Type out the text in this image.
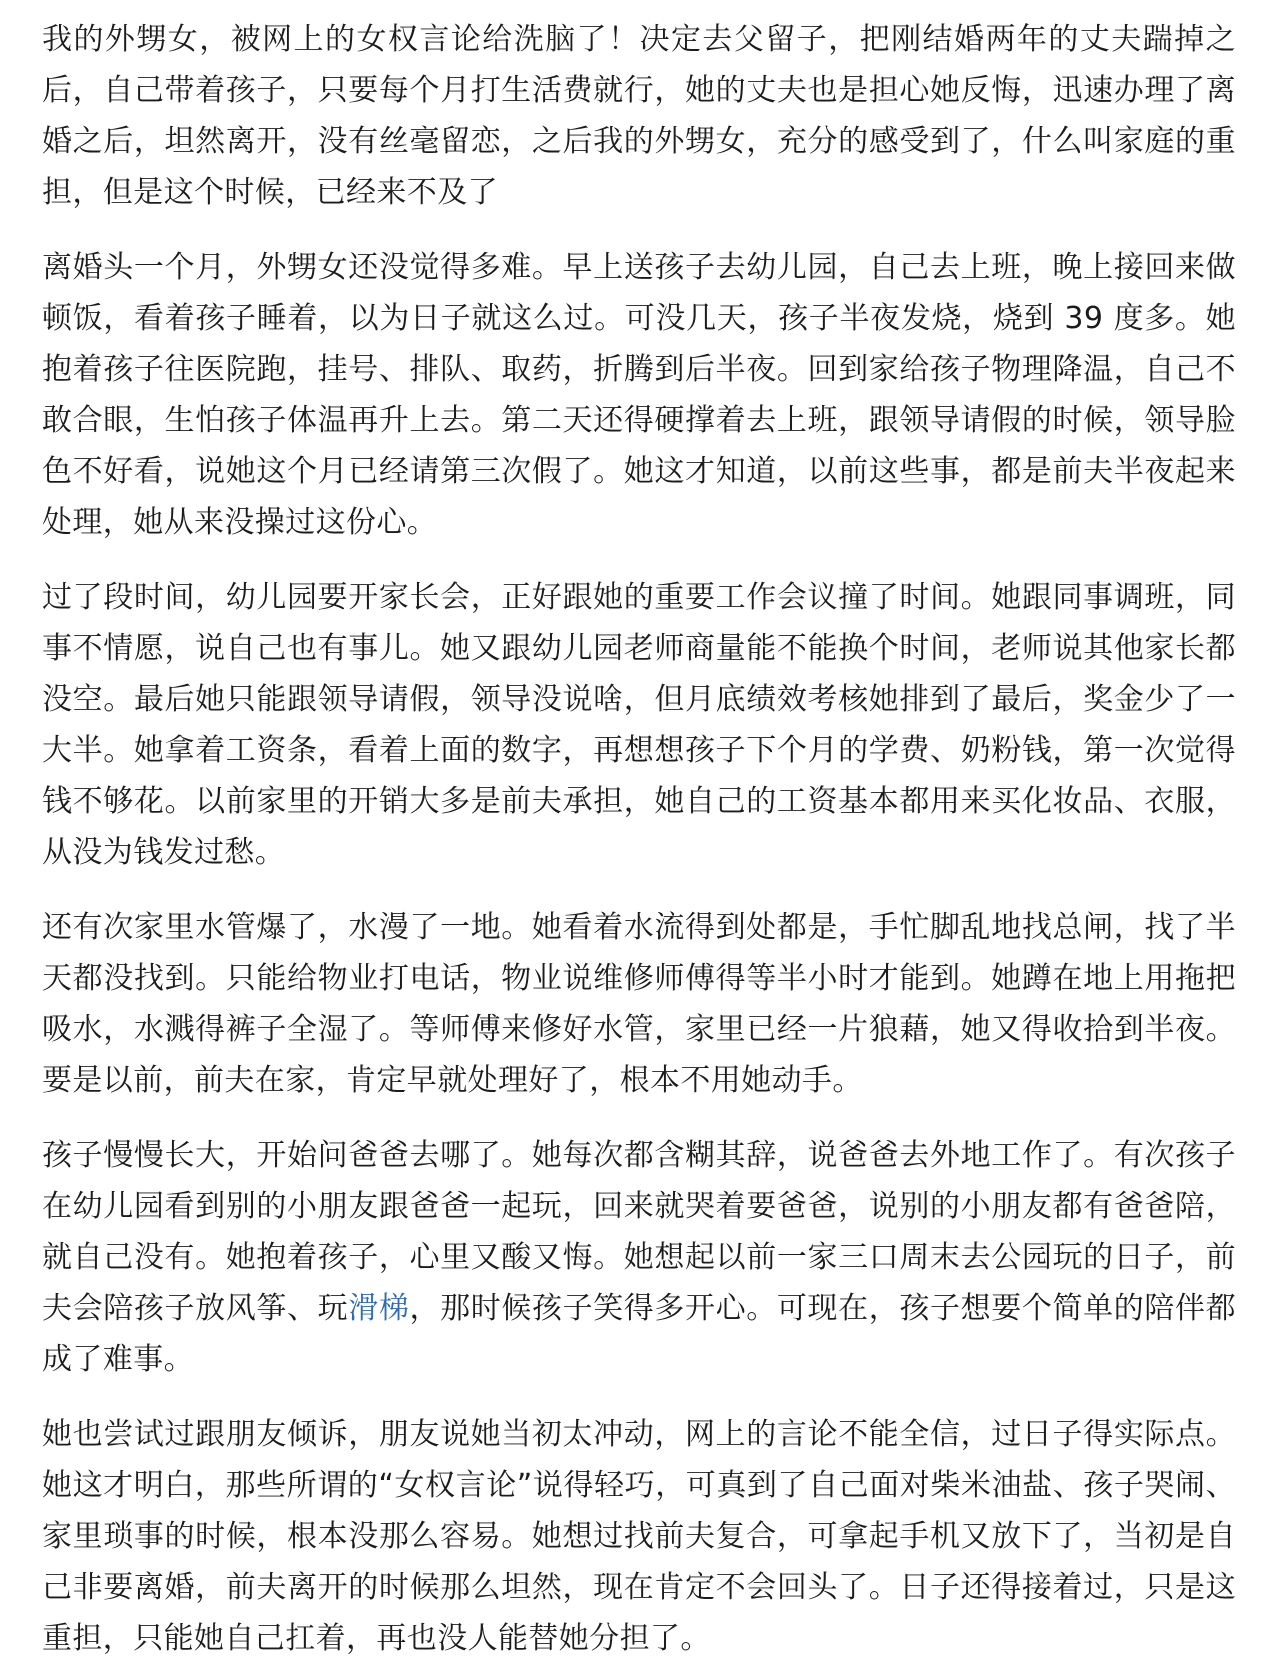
我的外甥女，被网上的女权言论给洗脑了！决定去父留子，把刚结婚两年的丈夫踹掉之后，自己带着孩子，只要每个月打生活费就行，她的丈夫也是担心她反悔，迅速办理了离婚之后，坦然离开，没有丝毫留恋，之后我的外甥女，充分的感受到了，什么叫家庭的重担，但是这个时候，已经来不及了

离婚头一个月，外甥女还没觉得多难。早上送孩子去幼儿园，自己去上班，晚上接回来做顿饭，看着孩子睡着，以为日子就这么过。可没几天，孩子半夜发烧，烧到 39 度多。她抱着孩子往医院跑，挂号、排队、取药，折腾到后半夜。回到家给孩子物理降温，自己不敢合眼，生怕孩子体温再升上去。第二天还得硬撑着去上班，跟领导请假的时候，领导脸色不好看，说她这个月已经请第三次假了。她这才知道，以前这些事，都是前夫半夜起来处理，她从来没操过这份心。

过了段时间，幼儿园要开家长会，正好跟她的重要工作会议撞了时间。她跟同事调班，同事不情愿，说自己也有事儿。她又跟幼儿园老师商量能不能换个时间，老师说其他家长都没空。最后她只能跟领导请假，领导没说啥，但月底绩效考核她排到了最后，奖金少了一大半。她拿着工资条，看着上面的数字，再想想孩子下个月的学费、奶粉钱，第一次觉得钱不够花。以前家里的开销大多是前夫承担，她自己的工资基本都用来买化妆品、衣服，从没为钱发过愁。

还有次家里水管爆了，水漫了一地。她看着水流得到处都是，手忙脚乱地找总闸，找了半天都没找到。只能给物业打电话，物业说维修师傅得等半小时才能到。她蹲在地上用拖把吸水，水溅得裤子全湿了。等师傅来修好水管，家里已经一片狼藉，她又得收拾到半夜。要是以前，前夫在家，肯定早就处理好了，根本不用她动手。

孩子慢慢长大，开始问爸爸去哪了。她每次都含糊其辞，说爸爸去外地工作了。有次孩子在幼儿园看到别的小朋友跟爸爸一起玩，回来就哭着要爸爸，说别的小朋友都有爸爸陪，就自己没有。她抱着孩子，心里又酸又悔。她想起以前一家三口周末去公园玩的日子，前夫会陪孩子放风筝、玩滑梯，那时候孩子笑得多开心。可现在，孩子想要个简单的陪伴都成了难事。

她也尝试过跟朋友倾诉，朋友说她当初太冲动，网上的言论不能全信，过日子得实际点。她这才明白，那些所谓的“女权言论”说得轻巧，可真到了自己面对柴米油盐、孩子哭闹、家里琐事的时候，根本没那么容易。她想过找前夫复合，可拿起手机又放下了，当初是自己非要离婚，前夫离开的时候那么坦然，现在肯定不会回头了。日子还得接着过，只是这重担，只能她自己扛着，再也没人能替她分担了。
